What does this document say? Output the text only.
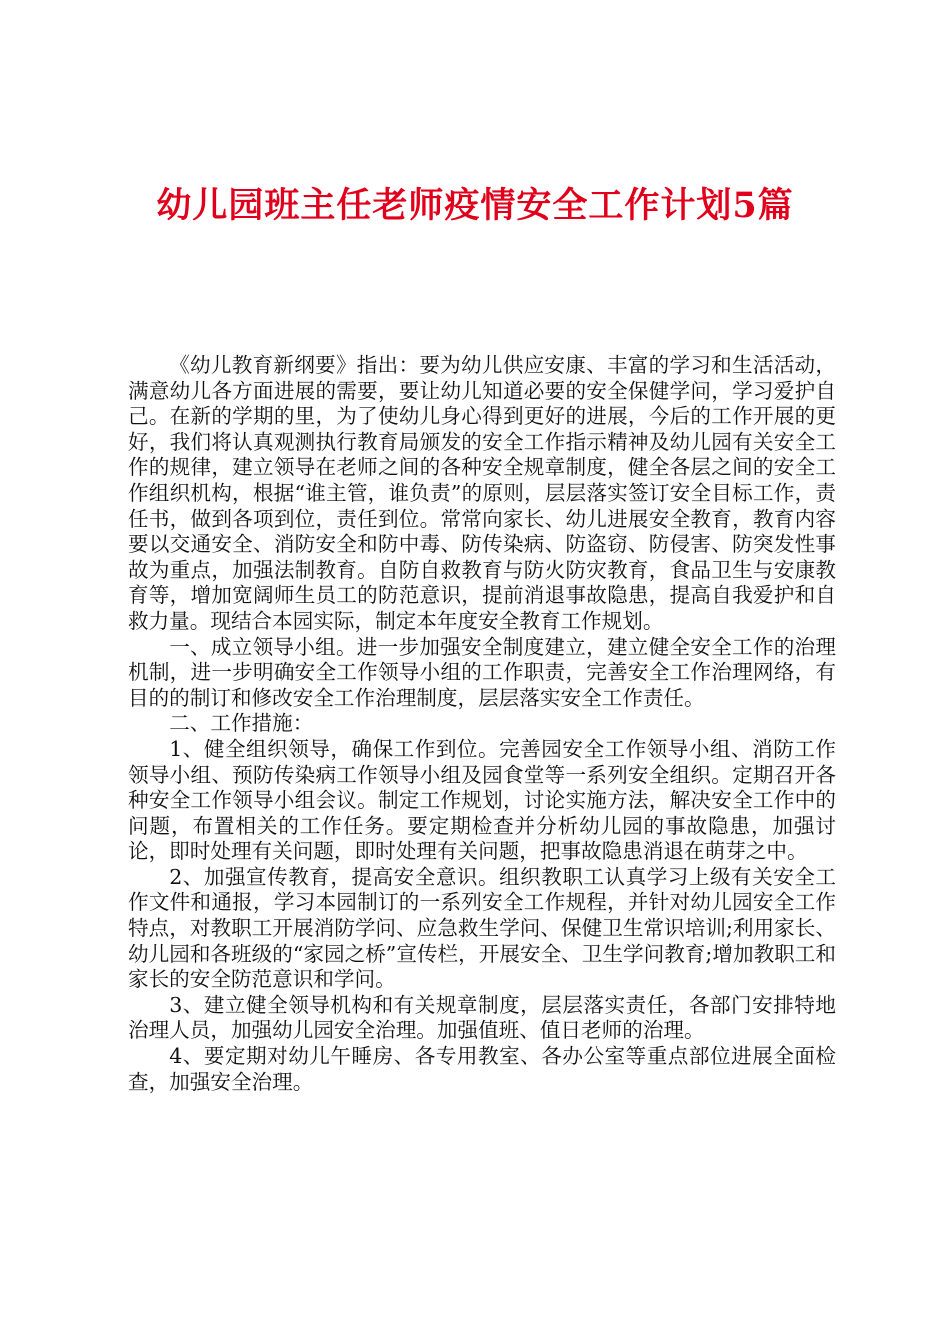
幼儿园班主任老师疫情安全工作计划5篇

《幼儿教育新纲要》指出：要为幼儿供应安康、丰富的学习和生活活动，满意幼儿各方面进展的需要，要让幼儿知道必要的安全保健学问，学习爱护自己。在新的学期的里，为了使幼儿身心得到更好的进展，今后的工作开展的更好，我们将认真观测执行教育局颁发的安全工作指示精神及幼儿园有关安全工作的规律，建立领导在老师之间的各种安全规章制度，健全各层之间的安全工作组织机构，根据“谁主管，谁负责”的原则，层层落实签订安全目标工作，责任书，做到各项到位，责任到位。常常向家长、幼儿进展安全教育，教育内容要以交通安全、消防安全和防中毒、防传染病、防盗窃、防侵害、防突发性事故为重点，加强法制教育。自防自救教育与防火防灾教育，食品卫生与安康教育等，增加宽阔师生员工的防范意识，提前消退事故隐患，提高自我爱护和自救力量。现结合本园实际，制定本年度安全教育工作规划。

一、成立领导小组。进一步加强安全制度建立，建立健全安全工作的治理机制，进一步明确安全工作领导小组的工作职责，完善安全工作治理网络，有目的的制订和修改安全工作治理制度，层层落实安全工作责任。

二、工作措施：

1、健全组织领导，确保工作到位。完善园安全工作领导小组、消防工作领导小组、预防传染病工作领导小组及园食堂等一系列安全组织。定期召开各种安全工作领导小组会议。制定工作规划，讨论实施方法，解决安全工作中的问题，布置相关的工作任务。要定期检查并分析幼儿园的事故隐患，加强讨论，即时处理有关问题，即时处理有关问题，把事故隐患消退在萌芽之中。

2、加强宣传教育，提高安全意识。组织教职工认真学习上级有关安全工作文件和通报，学习本园制订的一系列安全工作规程，并针对幼儿园安全工作特点，对教职工开展消防学问、应急救生学问、保健卫生常识培训;利用家长、幼儿园和各班级的“家园之桥”宣传栏，开展安全、卫生学问教育;增加教职工和家长的安全防范意识和学问。

3、建立健全领导机构和有关规章制度，层层落实责任，各部门安排特地治理人员，加强幼儿园安全治理。加强值班、值日老师的治理。

4、要定期对幼儿午睡房、各专用教室、各办公室等重点部位进展全面检查，加强安全治理。
